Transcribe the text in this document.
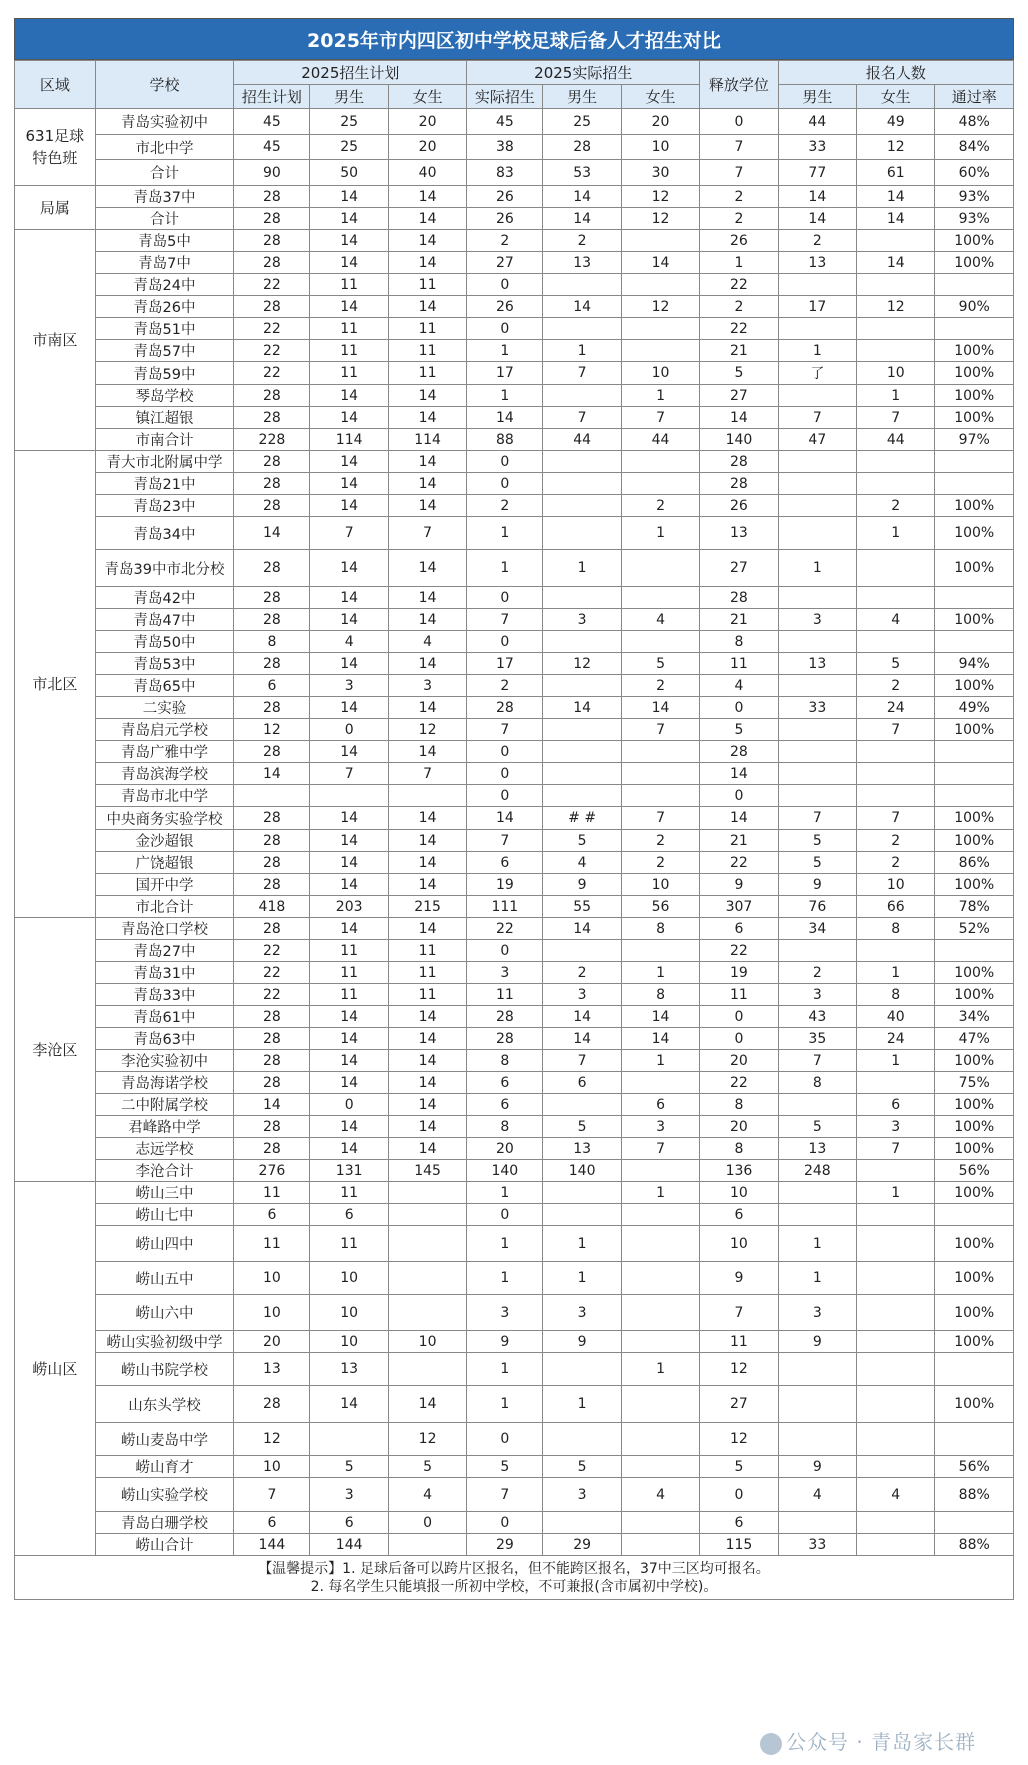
2025年市内四区初中学校足球后备人才招生对比
区域	学校	2025招生计划			2025实际招生			释放学位	报名人数		
		招生计划	男生	女生	实际招生	男生	女生		男生	女生	通过率
631足球
特色班	青岛实验初中	45	25	20	45	25	20	0	44	49	48%
	市北中学	45	25	20	38	28	10	7	33	12	84%
	合计	90	50	40	83	53	30	7	77	61	60%
局属	青岛37中	28	14	14	26	14	12	2	14	14	93%
	合计	28	14	14	26	14	12	2	14	14	93%
市南区	青岛5中	28	14	14	2	2		26	2		100%
	青岛7中	28	14	14	27	13	14	1	13	14	100%
	青岛24中	22	11	11	0			22			
	青岛26中	28	14	14	26	14	12	2	17	12	90%
	青岛51中	22	11	11	0			22			
	青岛57中	22	11	11	1	1		21	1		100%
	青岛59中	22	11	11	17	7	10	5	了	10	100%
	琴岛学校	28	14	14	1		1	27		1	100%
	镇江超银	28	14	14	14	7	7	14	7	7	100%
	市南合计	228	114	114	88	44	44	140	47	44	97%
市北区	青大市北附属中学	28	14	14	0			28			
	青岛21中	28	14	14	0			28			
	青岛23中	28	14	14	2		2	26		2	100%
	青岛34中	14	7	7	1		1	13		1	100%
	青岛39中市北分校	28	14	14	1	1		27	1		100%
	青岛42中	28	14	14	0			28			
	青岛47中	28	14	14	7	3	4	21	3	4	100%
	青岛50中	8	4	4	0			8			
	青岛53中	28	14	14	17	12	5	11	13	5	94%
	青岛65中	6	3	3	2		2	4		2	100%
	二实验	28	14	14	28	14	14	0	33	24	49%
	青岛启元学校	12	0	12	7		7	5		7	100%
	青岛广雅中学	28	14	14	0			28			
	青岛滨海学校	14	7	7	0			14			
	青岛市北中学				0			0			
	中央商务实验学校	28	14	14	14	# #	7	14	7	7	100%
	金沙超银	28	14	14	7	5	2	21	5	2	100%
	广饶超银	28	14	14	6	4	2	22	5	2	86%
	国开中学	28	14	14	19	9	10	9	9	10	100%
	市北合计	418	203	215	111	55	56	307	76	66	78%
李沧区	青岛沧口学校	28	14	14	22	14	8	6	34	8	52%
	青岛27中	22	11	11	0			22			
	青岛31中	22	11	11	3	2	1	19	2	1	100%
	青岛33中	22	11	11	11	3	8	11	3	8	100%
	青岛61中	28	14	14	28	14	14	0	43	40	34%
	青岛63中	28	14	14	28	14	14	0	35	24	47%
	李沧实验初中	28	14	14	8	7	1	20	7	1	100%
	青岛海诺学校	28	14	14	6	6		22	8		75%
	二中附属学校	14	0	14	6		6	8		6	100%
	君峰路中学	28	14	14	8	5	3	20	5	3	100%
	志远学校	28	14	14	20	13	7	8	13	7	100%
	李沧合计	276	131	145	140	140		136	248		56%
崂山区	崂山三中	11	11		1		1	10		1	100%
	崂山七中	6	6		0			6			
	崂山四中	11	11		1	1		10	1		100%
	崂山五中	10	10		1	1		9	1		100%
	崂山六中	10	10		3	3		7	3		100%
	崂山实验初级中学	20	10	10	9	9		11	9		100%
	崂山书院学校	13	13		1		1	12			
	山东头学校	28	14	14	1	1		27			100%
	崂山麦岛中学	12		12	0			12			
	崂山育才	10	5	5	5	5		5	9		56%
	崂山实验学校	7	3	4	7	3	4	0	4	4	88%
	青岛白珊学校	6	6	0	0			6			
	崂山合计	144	144		29	29		115	33		88%
【温馨提示】1. 足球后备可以跨片区报名，但不能跨区报名，37中三区均可报名。
2. 每名学生只能填报一所初中学校，不可兼报(含市属初中学校)。
公众号 · 青岛家长群
